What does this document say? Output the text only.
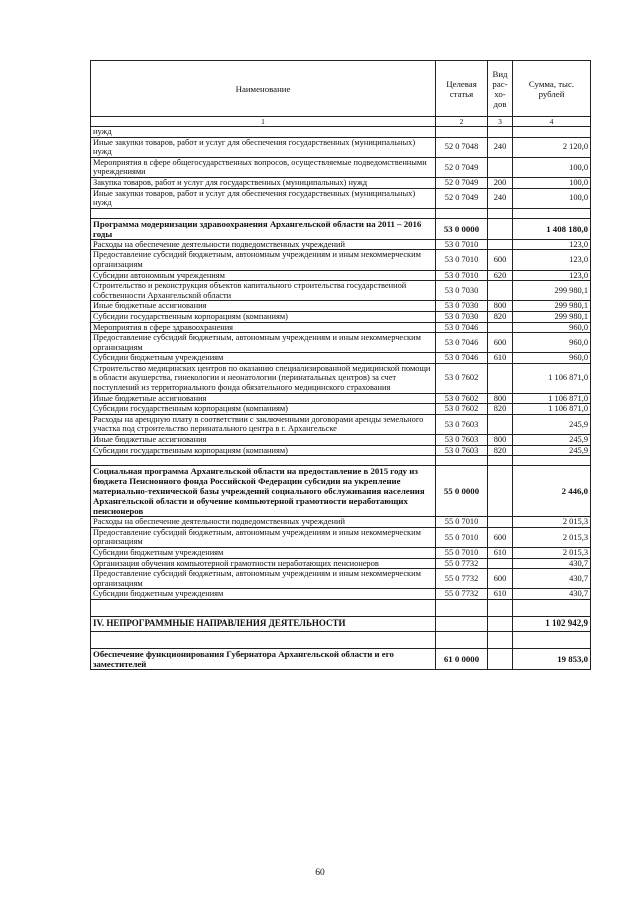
Наименование	Целевая статья	Вид рас-хо-дов	Сумма, тыс. рублей
1	2	3	4
нужд			
Иные закупки товаров, работ и услуг для обеспечения государственных (муниципальных) нужд	52 0 7048	240	2 120,0
Мероприятия в сфере общегосударственных вопросов, осуществляемые подведомственными учреждениями	52 0 7049		100,0
Закупка товаров, работ и услуг для государственных (муниципальных) нужд	52 0 7049	200	100,0
Иные закупки товаров, работ и услуг для обеспечения государственных (муниципальных) нужд	52 0 7049	240	100,0

Программа модернизации здравоохранения Архангельской области на 2011 – 2016 годы	53 0 0000		1 408 180,0
Расходы на обеспечение деятельности подведомственных учреждений	53 0 7010		123,0
Предоставление субсидий бюджетным, автономным учреждениям и иным некоммерческим организациям	53 0 7010	600	123,0
Субсидии автономным учреждениям	53 0 7010	620	123,0
Строительство и реконструкция объектов капитального строительства государственной собственности Архангельской области	53 0 7030		299 980,1
Иные бюджетные ассигнования	53 0 7030	800	299 980,1
Субсидии государственным корпорациям (компаниям)	53 0 7030	820	299 980,1
Мероприятия в сфере здравоохранения	53 0 7046		960,0
Предоставление субсидий бюджетным, автономным учреждениям и иным некоммерческим организациям	53 0 7046	600	960,0
Субсидии бюджетным учреждениям	53 0 7046	610	960,0
Строительство медицинских центров по оказанию специализированной медицинской помощи в области акушерства, гинекологии и неонатологии (перинатальных центров) за счет поступлений из территориального фонда обязательного медицинского страхования	53 0 7602		1 106 871,0
Иные бюджетные ассигнования	53 0 7602	800	1 106 871,0
Субсидии государственным корпорациям (компаниям)	53 0 7602	820	1 106 871,0
Расходы на арендную плату в соответствии с заключенными договорами аренды земельного участка под строительство перинатального центра в г. Архангельске	53 0 7603		245,9
Иные бюджетные ассигнования	53 0 7603	800	245,9
Субсидии государственным корпорациям (компаниям)	53 0 7603	820	245,9

Социальная программа Архангельской области на предоставление в 2015 году из бюджета Пенсионного фонда Российской Федерации субсидии на укрепление материально-технической базы учреждений социального обслуживания населения Архангельской области и обучение компьютерной грамотности неработающих пенсионеров	55 0 0000		2 446,0
Расходы на обеспечение деятельности подведомственных учреждений	55 0 7010		2 015,3
Предоставление субсидий бюджетным, автономным учреждениям и иным некоммерческим организациям	55 0 7010	600	2 015,3
Субсидии бюджетным учреждениям	55 0 7010	610	2 015,3
Организация обучения компьютерной грамотности неработающих пенсионеров	55 0 7732		430,7
Предоставление субсидий бюджетным, автономным учреждениям и иным некоммерческим организациям	55 0 7732	600	430,7
Субсидии бюджетным учреждениям	55 0 7732	610	430,7

IV. НЕПРОГРАММНЫЕ НАПРАВЛЕНИЯ ДЕЯТЕЛЬНОСТИ			1 102 942,9

Обеспечение функционирования Губернатора Архангельской области и его заместителей	61 0 0000		19 853,0
60
